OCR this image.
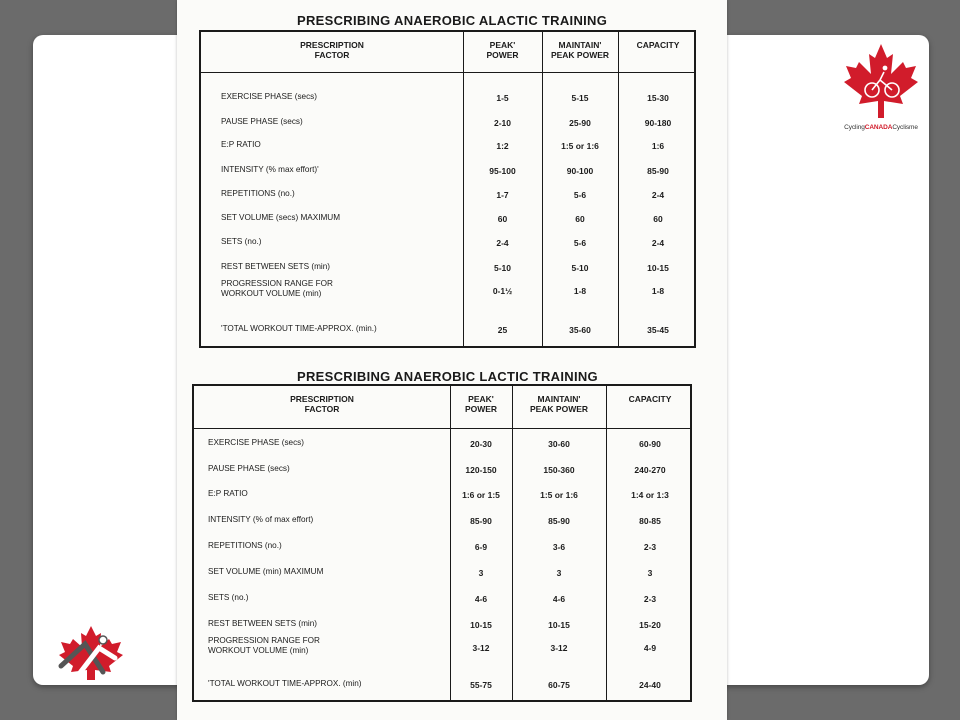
CyclingCANADACyclisme
PRESCRIBING ANAEROBIC ALACTIC TRAINING
PRESCRIPTION
FACTOR
PEAK'
POWER
MAINTAIN'
PEAK POWER
CAPACITY
EXERCISE PHASE (secs)	1-5	5-15	15-30
PAUSE PHASE (secs)	2-10	25-90	90-180
E:P RATIO	1:2	1:5 or 1:6	1:6
INTENSITY (% max effort)'	95-100	90-100	85-90
REPETITIONS (no.)	1-7	5-6	2-4
SET VOLUME (secs) MAXIMUM	60	60	60
SETS (no.)	2-4	5-6	2-4
REST BETWEEN SETS (min)	5-10	5-10	10-15
PROGRESSION RANGE FOR
WORKOUT VOLUME (min)	0-1½	1-8	1-8
'TOTAL WORKOUT TIME-APPROX. (min.)	25	35-60	35-45
PRESCRIBING ANAEROBIC LACTIC TRAINING
PRESCRIPTION
FACTOR
PEAK'
POWER
MAINTAIN'
PEAK POWER
CAPACITY
EXERCISE PHASE (secs)	20-30	30-60	60-90
PAUSE PHASE (secs)	120-150	150-360	240-270
E:P RATIO	1:6 or 1:5	1:5 or 1:6	1:4 or 1:3
INTENSITY (% of max effort)	85-90	85-90	80-85
REPETITIONS (no.)	6-9	3-6	2-3
SET VOLUME (min) MAXIMUM	3	3	3
SETS (no.)	4-6	4-6	2-3
REST BETWEEN SETS (min)	10-15	10-15	15-20
PROGRESSION RANGE FOR
WORKOUT VOLUME (min)	3-12	3-12	4-9
'TOTAL WORKOUT TIME-APPROX. (min)	55-75	60-75	24-40
